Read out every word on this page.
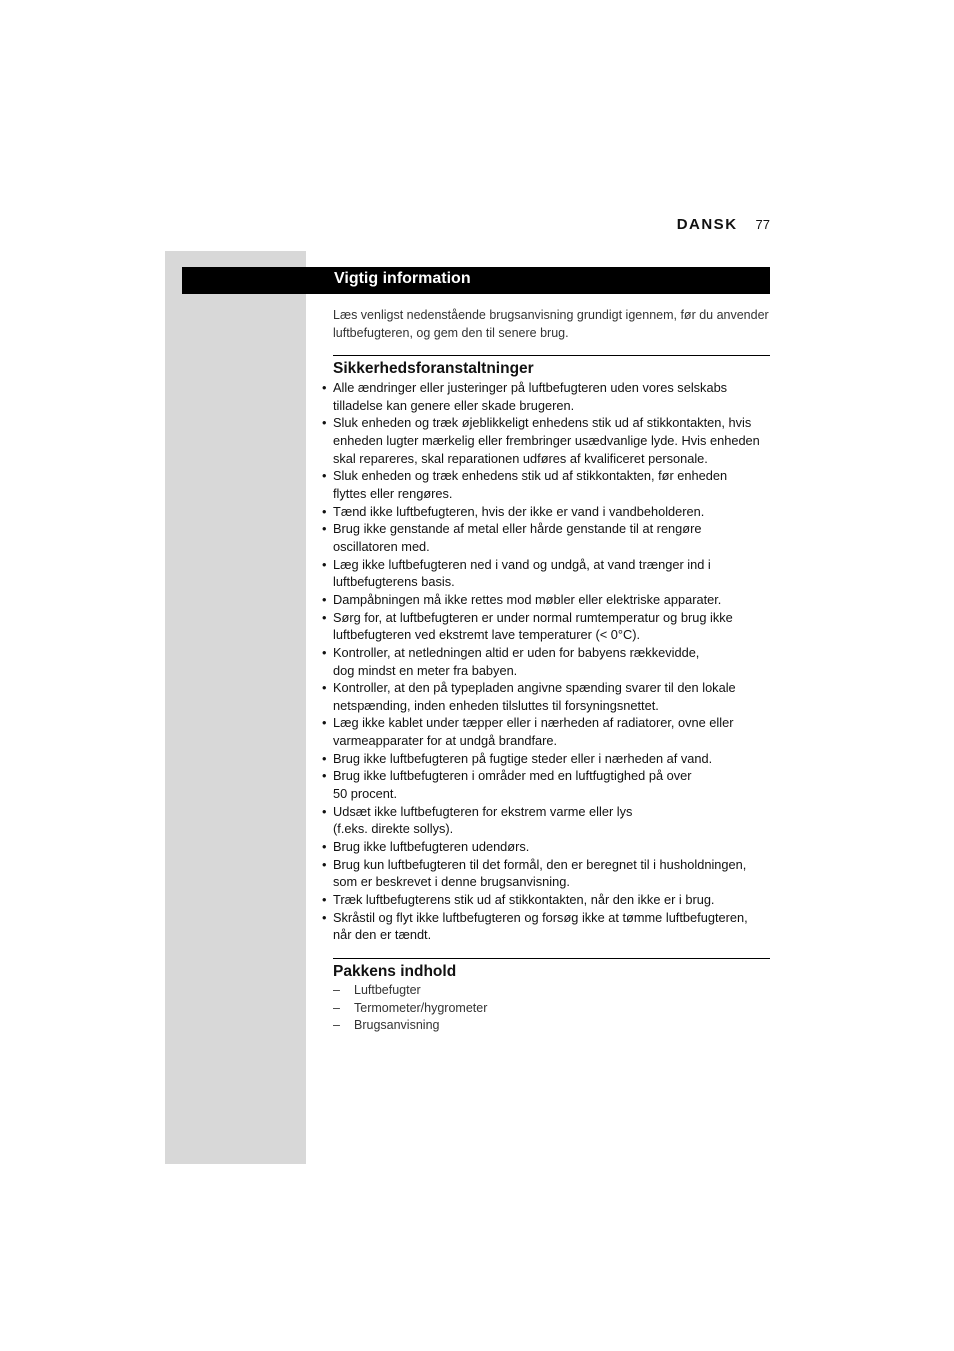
DANSK 77
Vigtig information

Læs venligst nedenstående brugsanvisning grundigt igennem, før du anvender luftbefugteren, og gem den til senere brug.

Sikkerhedsforanstaltninger
• Alle ændringer eller justeringer på luftbefugteren uden vores selskabs
tilladelse kan genere eller skade brugeren.
• Sluk enheden og træk øjeblikkeligt enhedens stik ud af stikkontakten, hvis
enheden lugter mærkelig eller frembringer usædvanlige lyde. Hvis enheden
skal repareres, skal reparationen udføres af kvalificeret personale.
• Sluk enheden og træk enhedens stik ud af stikkontakten, før enheden
flyttes eller rengøres.
• Tænd ikke luftbefugteren, hvis der ikke er vand i vandbeholderen.
• Brug ikke genstande af metal eller hårde genstande til at rengøre
oscillatoren med.
• Læg ikke luftbefugteren ned i vand og undgå, at vand trænger ind i
luftbefugterens basis.
• Dampåbningen må ikke rettes mod møbler eller elektriske apparater.
• Sørg for, at luftbefugteren er under normal rumtemperatur og brug ikke
luftbefugteren ved ekstremt lave temperaturer (< 0°C).
• Kontroller, at netledningen altid er uden for babyens rækkevidde,
dog mindst en meter fra babyen.
• Kontroller, at den på typepladen angivne spænding svarer til den lokale
netspænding, inden enheden tilsluttes til forsyningsnettet.
• Læg ikke kablet under tæpper eller i nærheden af radiatorer, ovne eller
varmeapparater for at undgå brandfare.
• Brug ikke luftbefugteren på fugtige steder eller i nærheden af vand.
• Brug ikke luftbefugteren i områder med en luftfugtighed på over
50 procent.
• Udsæt ikke luftbefugteren for ekstrem varme eller lys
(f.eks. direkte sollys).
• Brug ikke luftbefugteren udendørs.
• Brug kun luftbefugteren til det formål, den er beregnet til i husholdningen,
som er beskrevet i denne brugsanvisning.
• Træk luftbefugterens stik ud af stikkontakten, når den ikke er i brug.
• Skråstil og flyt ikke luftbefugteren og forsøg ikke at tømme luftbefugteren,
når den er tændt.
Pakkens indhold
– Luftbefugter
– Termometer/hygrometer
– Brugsanvisning
